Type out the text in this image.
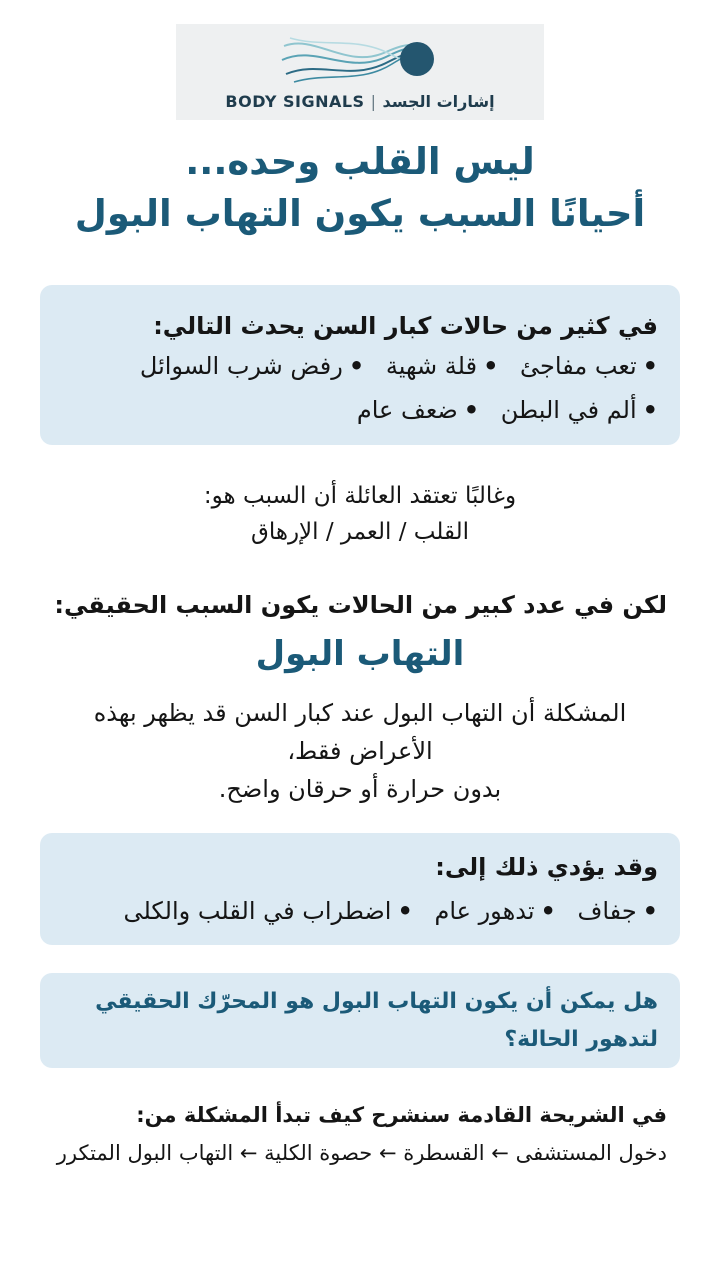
BODY SIGNALS | إشارات الجسد
ليس القلب وحده...
أحيانًا السبب يكون التهاب البول
في كثير من حالات كبار السن يحدث التالي:
•تعب مفاجئ •قلة شهية •رفض شرب السوائل
•ألم في البطن •ضعف عام
وغالبًا تعتقد العائلة أن السبب هو:
القلب / العمر / الإرهاق
لكن في عدد كبير من الحالات يكون السبب الحقيقي:
التهاب البول
المشكلة أن التهاب البول عند كبار السن قد يظهر بهذه
الأعراض فقط،
بدون حرارة أو حرقان واضح.
وقد يؤدي ذلك إلى:
•جفاف •تدهور عام •اضطراب في القلب والكلى
هل يمكن أن يكون التهاب البول هو المحرّك الحقيقي لتدهور الحالة؟
في الشريحة القادمة سنشرح كيف تبدأ المشكلة من:
دخول المستشفى ← القسطرة ← حصوة الكلية ← التهاب البول المتكرر
